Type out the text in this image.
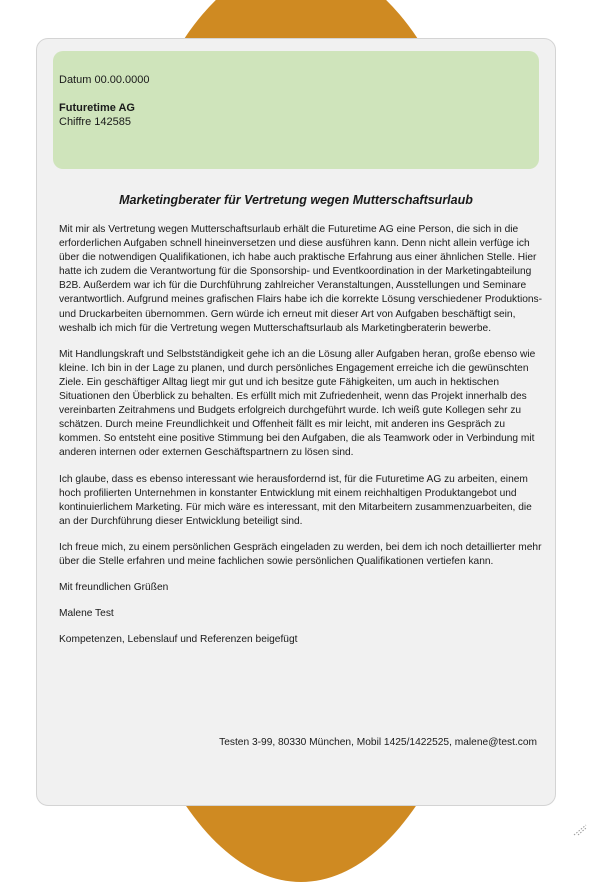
Datum 00.00.0000
Futuretime AG
Chiffre 142585
Marketingberater für Vertretung wegen Mutterschaftsurlaub

Mit mir als Vertretung wegen Mutterschaftsurlaub erhält die Futuretime AG eine Person, die sich in die erforderlichen Aufgaben schnell hineinversetzen und diese ausführen kann. Denn nicht allein verfüge ich über die notwendigen Qualifikationen, ich habe auch praktische Erfahrung aus einer ähnlichen Stelle. Hier hatte ich zudem die Verantwortung für die Sponsorship- und Eventkoordination in der Marketingabteilung B2B. Außerdem war ich für die Durchführung zahlreicher Veranstaltungen, Ausstellungen und Seminare verantwortlich. Aufgrund meines grafischen Flairs habe ich die korrekte Lösung verschiedener Produktions- und Druckarbeiten übernommen. Gern würde ich erneut mit dieser Art von Aufgaben beschäftigt sein, weshalb ich mich für die Vertretung wegen Mutterschaftsurlaub als Marketingberaterin bewerbe.

Mit Handlungskraft und Selbstständigkeit gehe ich an die Lösung aller Aufgaben heran, große ebenso wie kleine. Ich bin in der Lage zu planen, und durch persönliches Engagement erreiche ich die gewünschten Ziele. Ein geschäftiger Alltag liegt mir gut und ich besitze gute Fähigkeiten, um auch in hektischen Situationen den Überblick zu behalten. Es erfüllt mich mit Zufriedenheit, wenn das Projekt innerhalb des vereinbarten Zeitrahmens und Budgets erfolgreich durchgeführt wurde. Ich weiß gute Kollegen sehr zu schätzen. Durch meine Freundlichkeit und Offenheit fällt es mir leicht, mit anderen ins Gespräch zu kommen. So entsteht eine positive Stimmung bei den Aufgaben, die als Teamwork oder in Verbindung mit anderen internen oder externen Geschäftspartnern zu lösen sind.

Ich glaube, dass es ebenso interessant wie herausfordernd ist, für die Futuretime AG zu arbeiten, einem hoch profilierten Unternehmen in konstanter Entwicklung mit einem reichhaltigen Produktangebot und kontinuierlichem Marketing. Für mich wäre es interessant, mit den Mitarbeitern zusammenzuarbeiten, die an der Durchführung dieser Entwicklung beteiligt sind.

Ich freue mich, zu einem persönlichen Gespräch eingeladen zu werden, bei dem ich noch detaillierter mehr über die Stelle erfahren und meine fachlichen sowie persönlichen Qualifikationen vertiefen kann.

Mit freundlichen Grüßen

Malene Test

Kompetenzen, Lebenslauf und Referenzen beigefügt

Testen 3-99, 80330 München, Mobil 1425/1422525, malene@test.com
